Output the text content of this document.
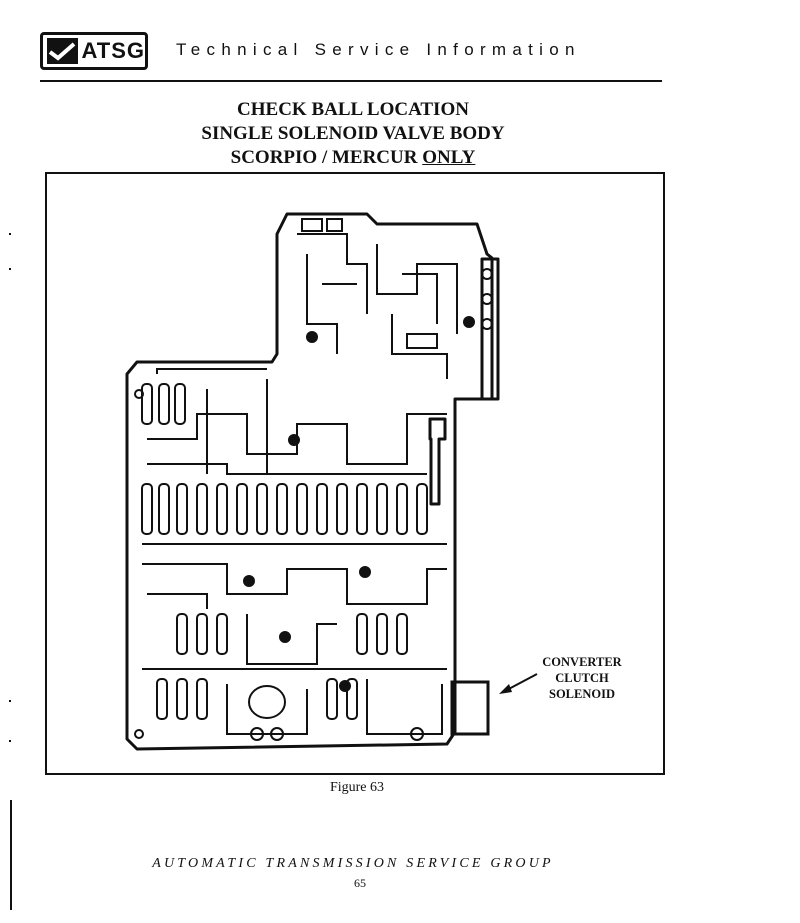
ATSG Technical Service Information
CHECK BALL LOCATION
SINGLE SOLENOID VALVE BODY
SCORPIO / MERCUR ONLY
CONVERTER
CLUTCH
SOLENOID
Figure 63
AUTOMATIC TRANSMISSION SERVICE GROUP
65
